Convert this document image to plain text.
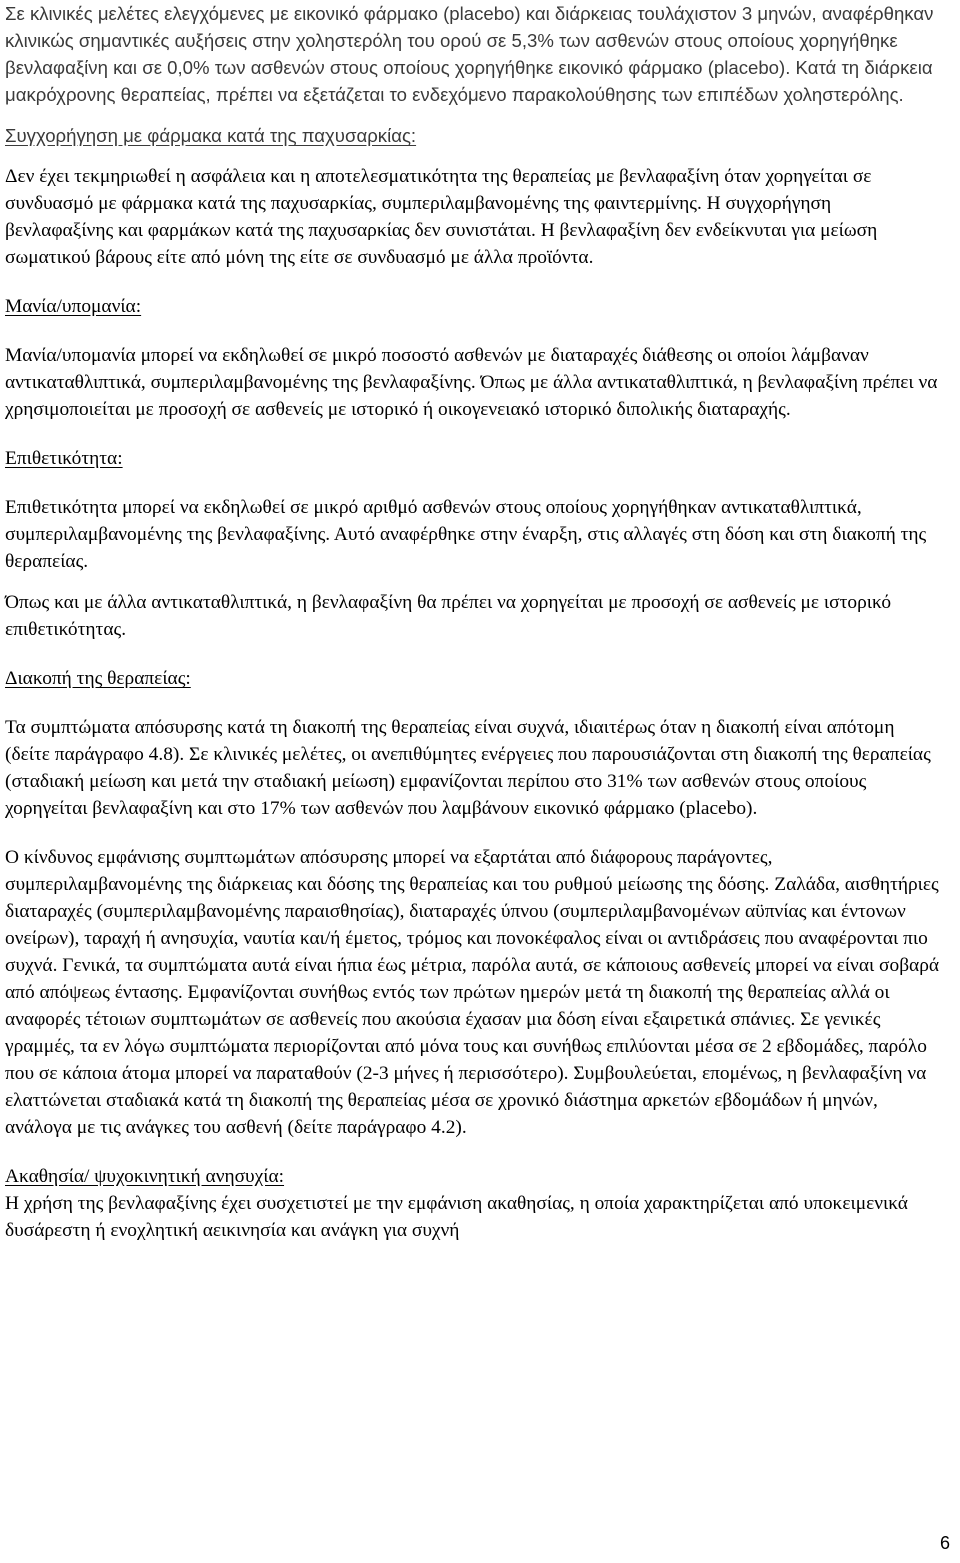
Σε κλινικές μελέτες ελεγχόμενες με εικονικό φάρμακο (placebo) και διάρκειας τουλάχιστον 3 μηνών, αναφέρθηκαν κλινικώς σημαντικές αυξήσεις στην χοληστερόλη του ορού σε 5,3% των ασθενών στους οποίους χορηγήθηκε βενλαφαξίνη και σε 0,0% των ασθενών στους οποίους χορηγήθηκε εικονικό φάρμακο (placebo). Κατά τη διάρκεια μακρόχρονης θεραπείας, πρέπει να εξετάζεται το ενδεχόμενο παρακολούθησης των επιπέδων χοληστερόλης.

Συγχορήγηση με φάρμακα κατά της παχυσαρκίας:

Δεν έχει τεκμηριωθεί η ασφάλεια και η αποτελεσματικότητα της θεραπείας με βενλαφαξίνη όταν χορηγείται σε συνδυασμό με φάρμακα κατά της παχυσαρκίας, συμπεριλαμβανομένης της φαιντερμίνης. Η συγχορήγηση βενλαφαξίνης και φαρμάκων κατά της παχυσαρκίας δεν συνιστάται. Η βενλαφαξίνη δεν ενδείκνυται για μείωση σωματικού βάρους είτε από μόνη της είτε σε συνδυασμό με άλλα προϊόντα.

Μανία/υπομανία:

Μανία/υπομανία μπορεί να εκδηλωθεί σε μικρό ποσοστό ασθενών με διαταραχές διάθεσης οι οποίοι λάμβαναν αντικαταθλιπτικά, συμπεριλαμβανομένης της βενλαφαξίνης. Όπως με άλλα αντικαταθλιπτικά, η βενλαφαξίνη πρέπει να χρησιμοποιείται με προσοχή σε ασθενείς με ιστορικό ή οικογενειακό ιστορικό διπολικής διαταραχής.

Επιθετικότητα:

Επιθετικότητα μπορεί να εκδηλωθεί σε μικρό αριθμό ασθενών στους οποίους χορηγήθηκαν αντικαταθλιπτικά, συμπεριλαμβανομένης της βενλαφαξίνης. Αυτό αναφέρθηκε στην έναρξη, στις αλλαγές στη δόση και στη διακοπή της θεραπείας.

Όπως και με άλλα αντικαταθλιπτικά, η βενλαφαξίνη θα πρέπει να χορηγείται με προσοχή σε ασθενείς με ιστορικό επιθετικότητας.

Διακοπή της θεραπείας:

Τα συμπτώματα απόσυρσης κατά τη διακοπή της θεραπείας είναι συχνά, ιδιαιτέρως όταν η διακοπή είναι απότομη (δείτε παράγραφο 4.8). Σε κλινικές μελέτες, οι ανεπιθύμητες ενέργειες που παρουσιάζονται στη διακοπή της θεραπείας (σταδιακή μείωση και μετά την σταδιακή μείωση) εμφανίζονται περίπου στο 31% των ασθενών στους οποίους χορηγείται βενλαφαξίνη και στο 17% των ασθενών που λαμβάνουν εικονικό φάρμακο (placebo).

Ο κίνδυνος εμφάνισης συμπτωμάτων απόσυρσης μπορεί να εξαρτάται από διάφορους παράγοντες, συμπεριλαμβανομένης της διάρκειας και δόσης της θεραπείας και του ρυθμού μείωσης της δόσης. Ζαλάδα, αισθητήριες διαταραχές (συμπεριλαμβανομένης παραισθησίας), διαταραχές ύπνου (συμπεριλαμβανομένων αϋπνίας και έντονων ονείρων), ταραχή ή ανησυχία, ναυτία και/ή έμετος, τρόμος και πονοκέφαλος είναι οι αντιδράσεις που αναφέρονται πιο συχνά. Γενικά, τα συμπτώματα αυτά είναι ήπια έως μέτρια, παρόλα αυτά, σε κάποιους ασθενείς μπορεί να είναι σοβαρά από απόψεως έντασης. Εμφανίζονται συνήθως εντός των πρώτων ημερών μετά τη διακοπή της θεραπείας αλλά οι αναφορές τέτοιων συμπτωμάτων σε ασθενείς που ακούσια έχασαν μια δόση είναι εξαιρετικά σπάνιες. Σε γενικές γραμμές, τα εν λόγω συμπτώματα περιορίζονται από μόνα τους και συνήθως επιλύονται μέσα σε 2 εβδομάδες, παρόλο που σε κάποια άτομα μπορεί να παραταθούν (2-3 μήνες ή περισσότερο). Συμβουλεύεται, επομένως, η βενλαφαξίνη να ελαττώνεται σταδιακά κατά τη διακοπή της θεραπείας μέσα σε χρονικό διάστημα αρκετών εβδομάδων ή μηνών, ανάλογα με τις ανάγκες του ασθενή (δείτε παράγραφο 4.2).

Ακαθησία/ ψυχοκινητική ανησυχία:

Η χρήση της βενλαφαξίνης έχει συσχετιστεί με την εμφάνιση ακαθησίας, η οποία χαρακτηρίζεται από υποκειμενικά δυσάρεστη ή ενοχλητική αεικινησία και ανάγκη για συχνή

6
